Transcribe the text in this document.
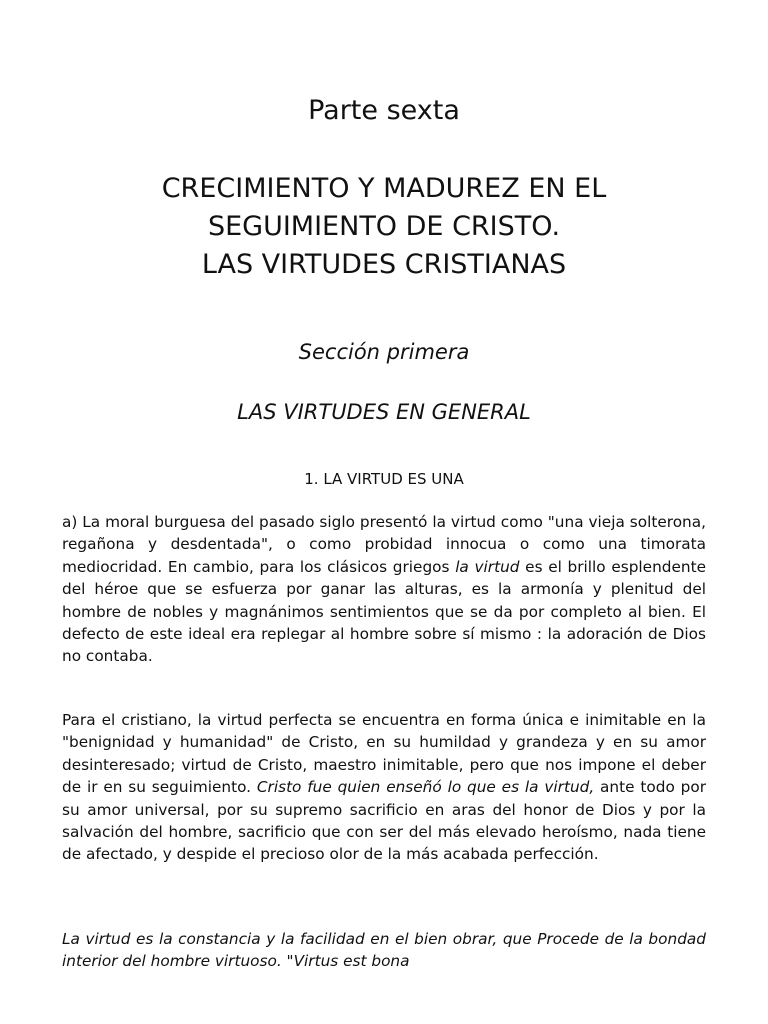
Parte sexta
CRECIMIENTO Y MADUREZ EN EL
SEGUIMIENTO DE CRISTO.
LAS VIRTUDES CRISTIANAS
Sección primera
LAS VIRTUDES EN GENERAL
1. LA VIRTUD ES UNA

a) La moral burguesa del pasado siglo presentó la virtud como "una vieja solterona, regañona y desdentada", o como probidad innocua o como una timorata mediocridad. En cambio, para los clásicos griegos la virtud es el brillo esplendente del héroe que se esfuerza por ganar las alturas, es la armonía y plenitud del hombre de nobles y magnánimos sentimientos que se da por completo al bien. El defecto de este ideal era replegar al hombre sobre sí mismo : la adoración de Dios no contaba.

Para el cristiano, la virtud perfecta se encuentra en forma única e inimitable en la "benignidad y humanidad" de Cristo, en su humildad y grandeza y en su amor desinteresado; virtud de Cristo, maestro inimitable, pero que nos impone el deber de ir en su seguimiento. Cristo fue quien enseñó lo que es la virtud, ante todo por su amor universal, por su supremo sacrificio en aras del honor de Dios y por la salvación del hombre, sacrificio que con ser del más elevado heroísmo, nada tiene de afectado, y despide el precioso olor de la más acabada perfección.

La virtud es la constancia y la facilidad en el bien obrar, que Procede de la bondad interior del hombre virtuoso. "Virtus est bona
